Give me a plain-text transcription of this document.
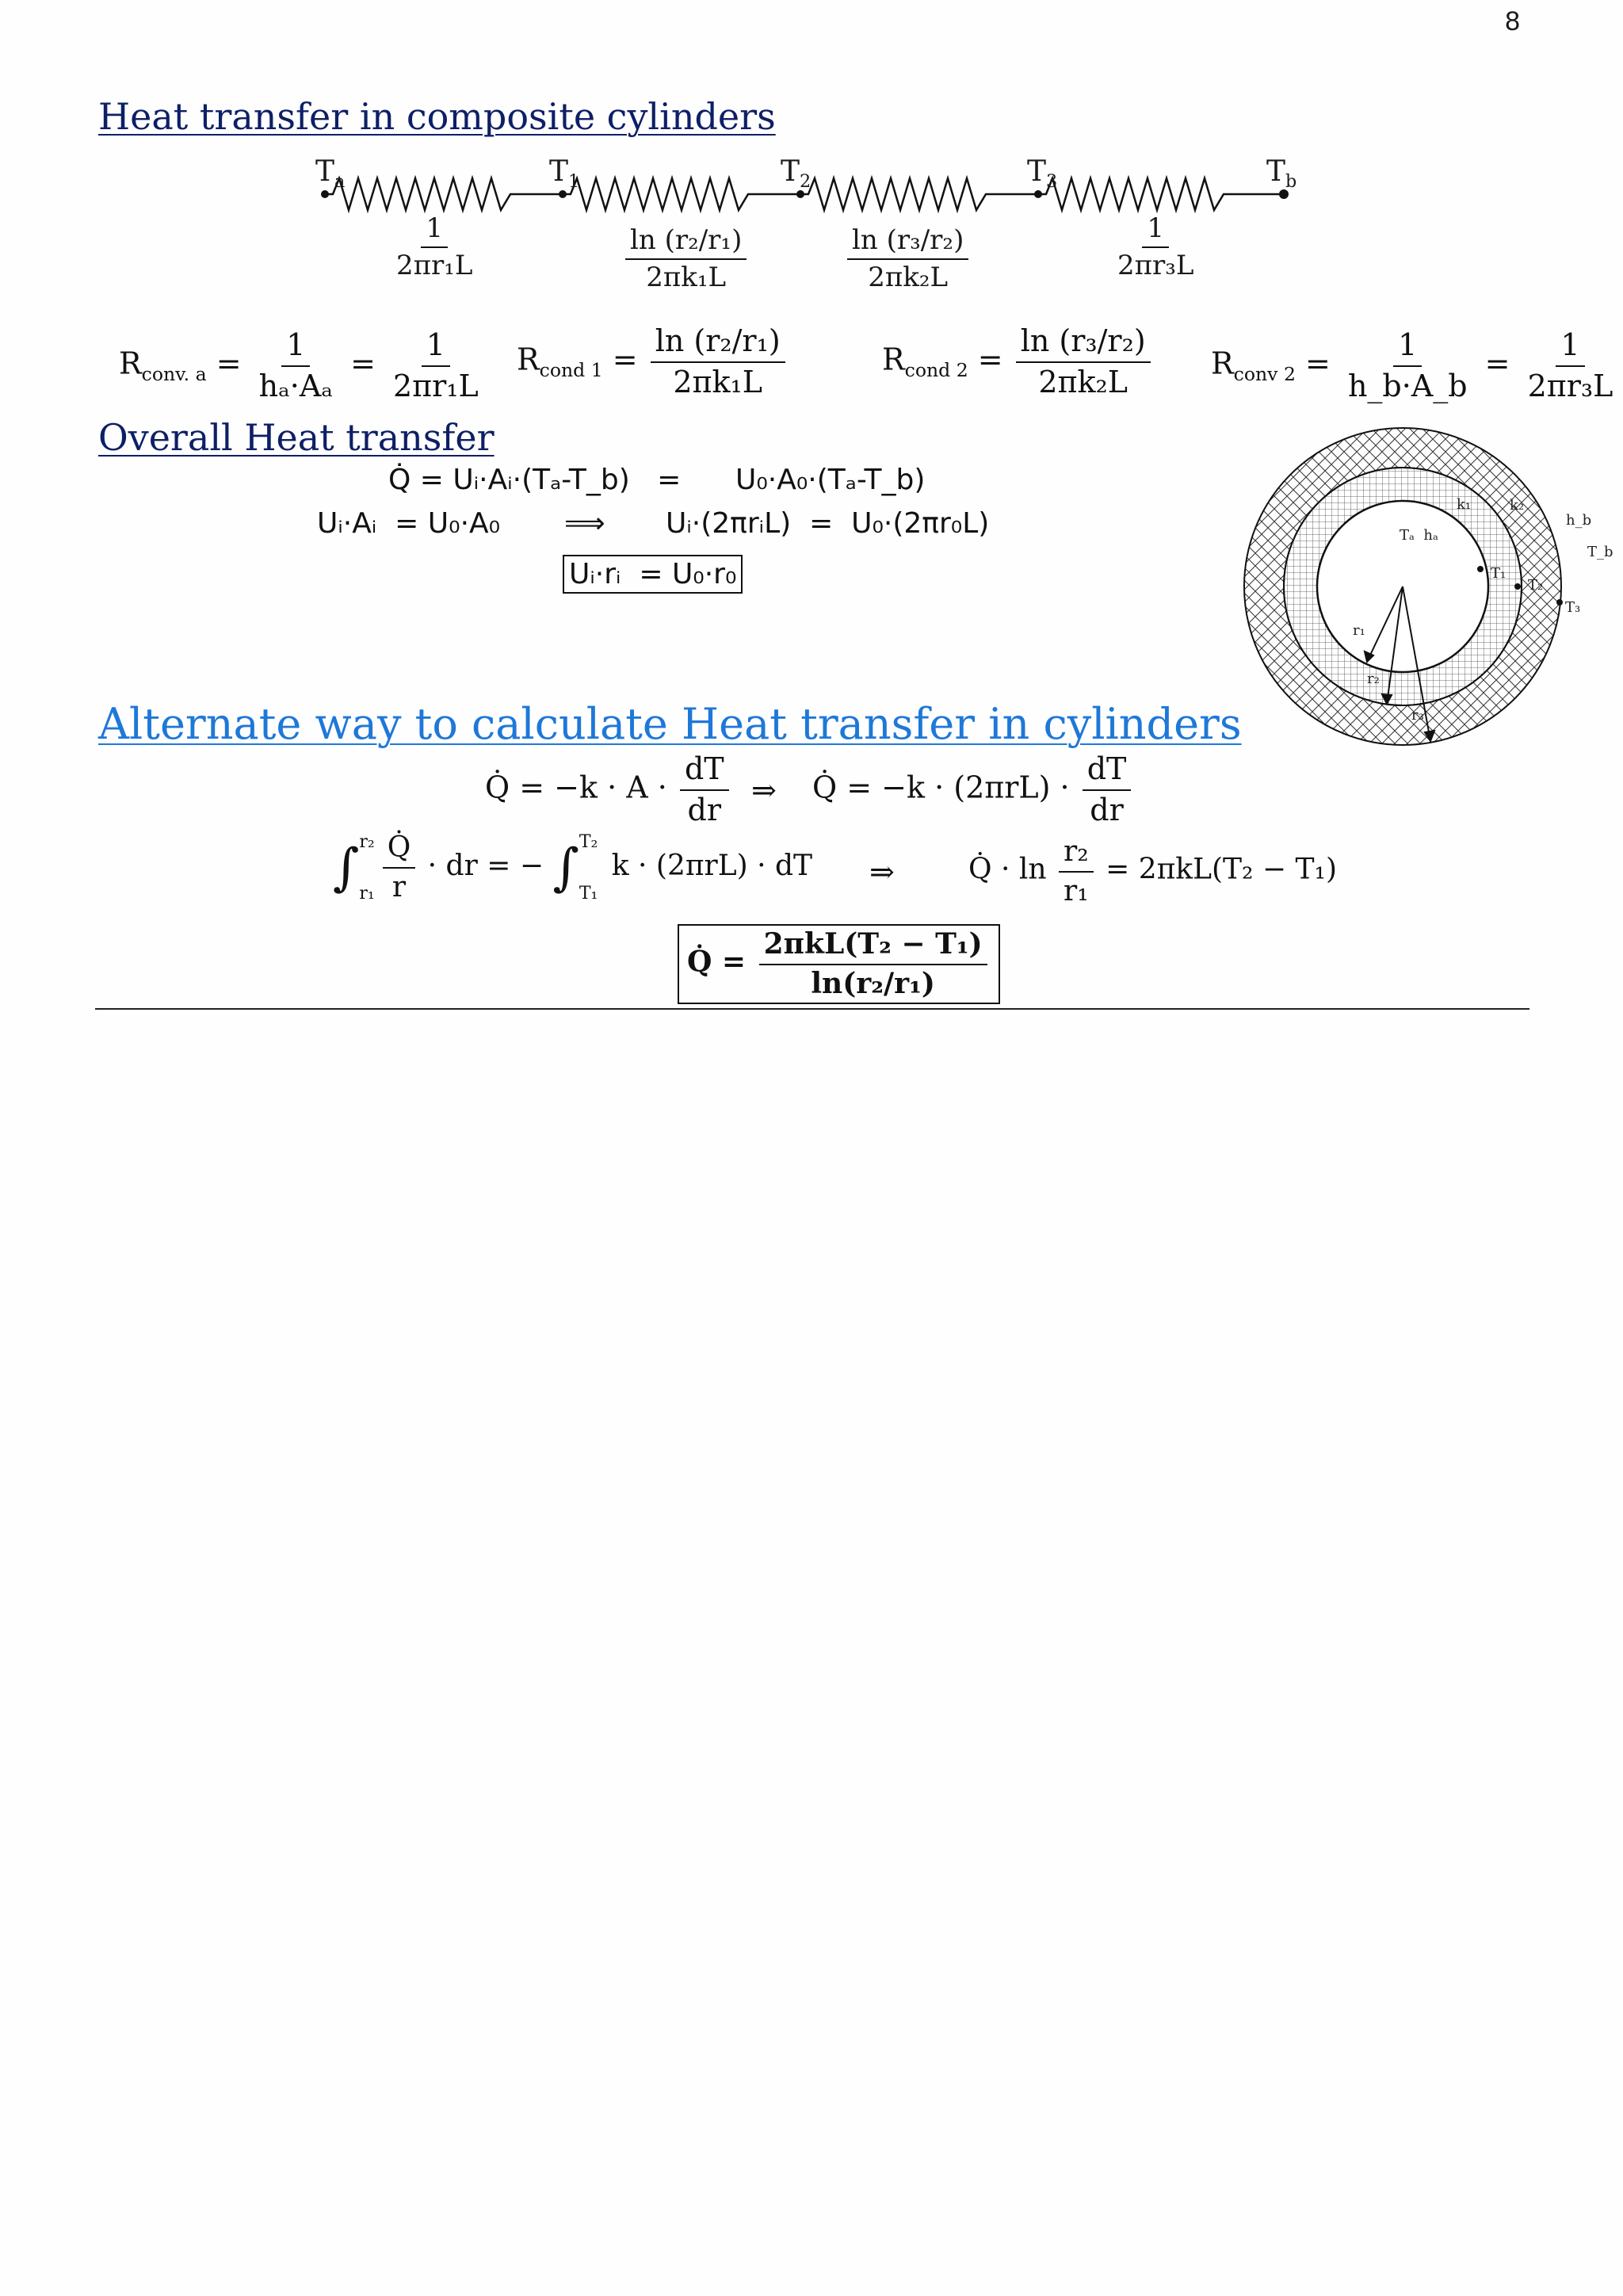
8
Heat transfer in composite cylinders
$T_a$	$T_1$	$T_2$	$T_3$	$T_b$
$\frac{1}{\text{2πr₁L}}$	$\frac{\text{ln (r₂/r₁)}}{\text{2πk₁L}}$	$\frac{\text{ln (r₃/r₂)}}{\text{2πk₂L}}$	$\frac{1}{\text{2πr₃L}}$
$R_{conv. a} = \frac{1}{\text{hₐ·Aₐ}} = \frac{1}{\text{2πr₁L}} R_{cond 1} = \frac{\text{ln (r₂/r₁)}}{\text{2πk₁L}}$	$R_{cond 2} = \frac{\text{ln (r₃/r₂)}}{\text{2πk₂L}} R_{conv 2} = \frac{1}{h\_b\cdot A\_b} = \frac{1}{\text{2πr₃L}}$
Overall Heat transfer
Q̇ = Uᵢ·Aᵢ·(Tₐ-T_b)   =      U₀·A₀·(Tₐ-T_b)
Uᵢ·Aᵢ  = U₀·A₀ ⟹ Uᵢ·(2πrᵢL)  =  U₀·(2πr₀L)
Uᵢ·rᵢ  = U₀·r₀
k₁	k₂
h_b
T_b
Tₐ  hₐ
T₁
T₂
T₃
r₁
r₂
r₃
Alternate way to calculate Heat transfer in cylinders
Q̇ = $-k \cdot A \cdot \frac{dT}{dr}$ ⇒ Q̇ = $-k \cdot (2\pi rL) \cdot \frac{dT}{dr}$
∫ r₂
$r_1 \frac{Q̇}{r}$ · dr = − ∫ T₂
T₁
k · (2πrL) · dT ⇒	Q̇ · $\ln \frac{\text{r₂}}{\text{r₁}} = 2\pi kL(T_2 - T_1)$
Q̇ = $\frac{\text{2πkL(T₂ − T₁)}}{\text{ln(r₂/r₁)}}$
